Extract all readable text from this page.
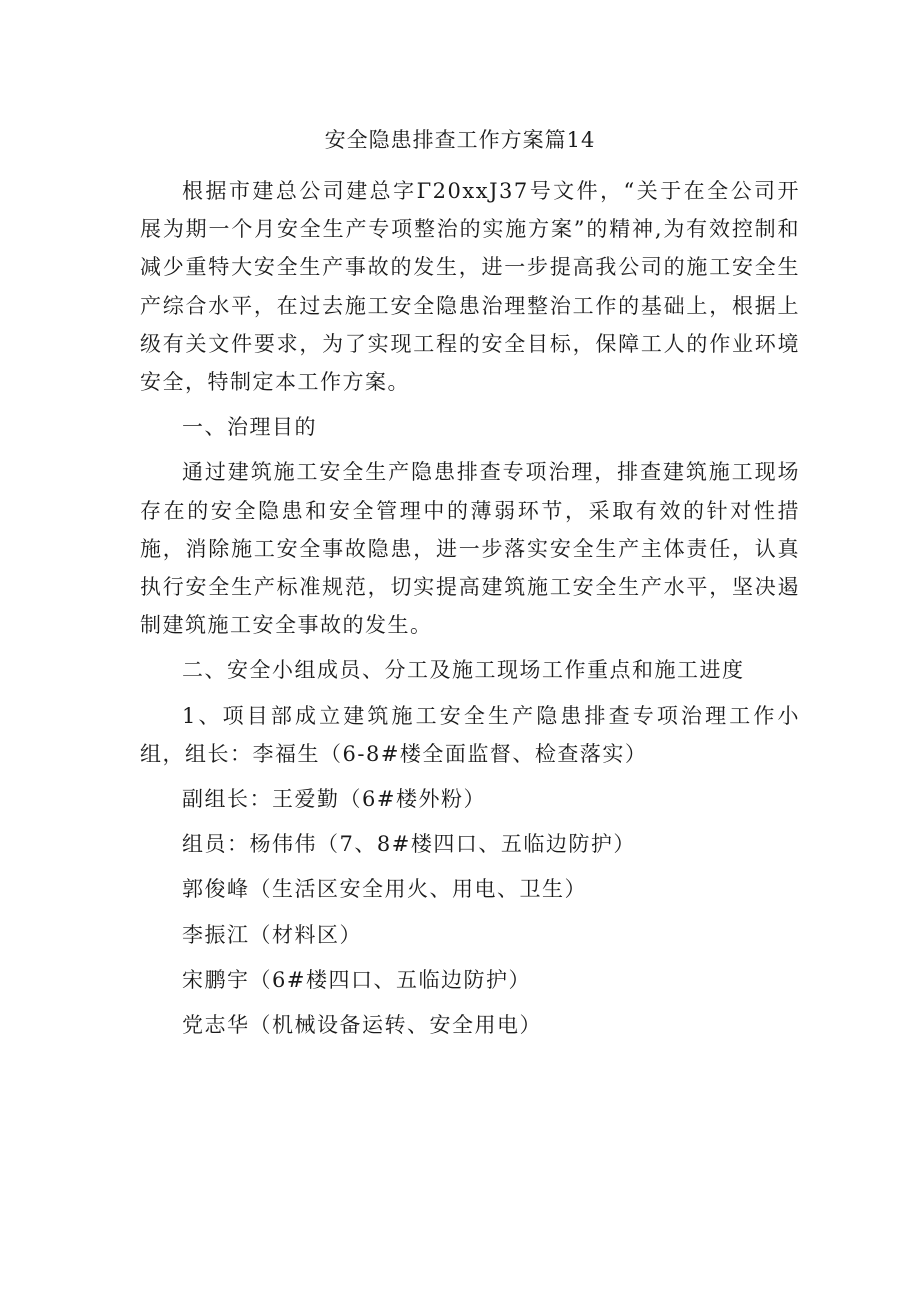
安全隐患排查工作方案篇14

根据市建总公司建总字Γ20xxJ37号文件，“关于在全公司开展为期一个月安全生产专项整治的实施方案”的精神,为有效控制和减少重特大安全生产事故的发生，进一步提高我公司的施工安全生产综合水平，在过去施工安全隐患治理整治工作的基础上，根据上级有关文件要求，为了实现工程的安全目标，保障工人的作业环境安全，特制定本工作方案。

一、治理目的

通过建筑施工安全生产隐患排查专项治理，排查建筑施工现场存在的安全隐患和安全管理中的薄弱环节，采取有效的针对性措施，消除施工安全事故隐患，进一步落实安全生产主体责任，认真执行安全生产标准规范，切实提高建筑施工安全生产水平，坚决遏制建筑施工安全事故的发生。

二、安全小组成员、分工及施工现场工作重点和施工进度

1、项目部成立建筑施工安全生产隐患排查专项治理工作小组，组长：李福生（6-8#楼全面监督、检查落实）

副组长：王爱勤（6#楼外粉）

组员：杨伟伟（7、8#楼四口、五临边防护）

郭俊峰（生活区安全用火、用电、卫生）

李振江（材料区）

宋鹏宇（6#楼四口、五临边防护）

党志华（机械设备运转、安全用电）
